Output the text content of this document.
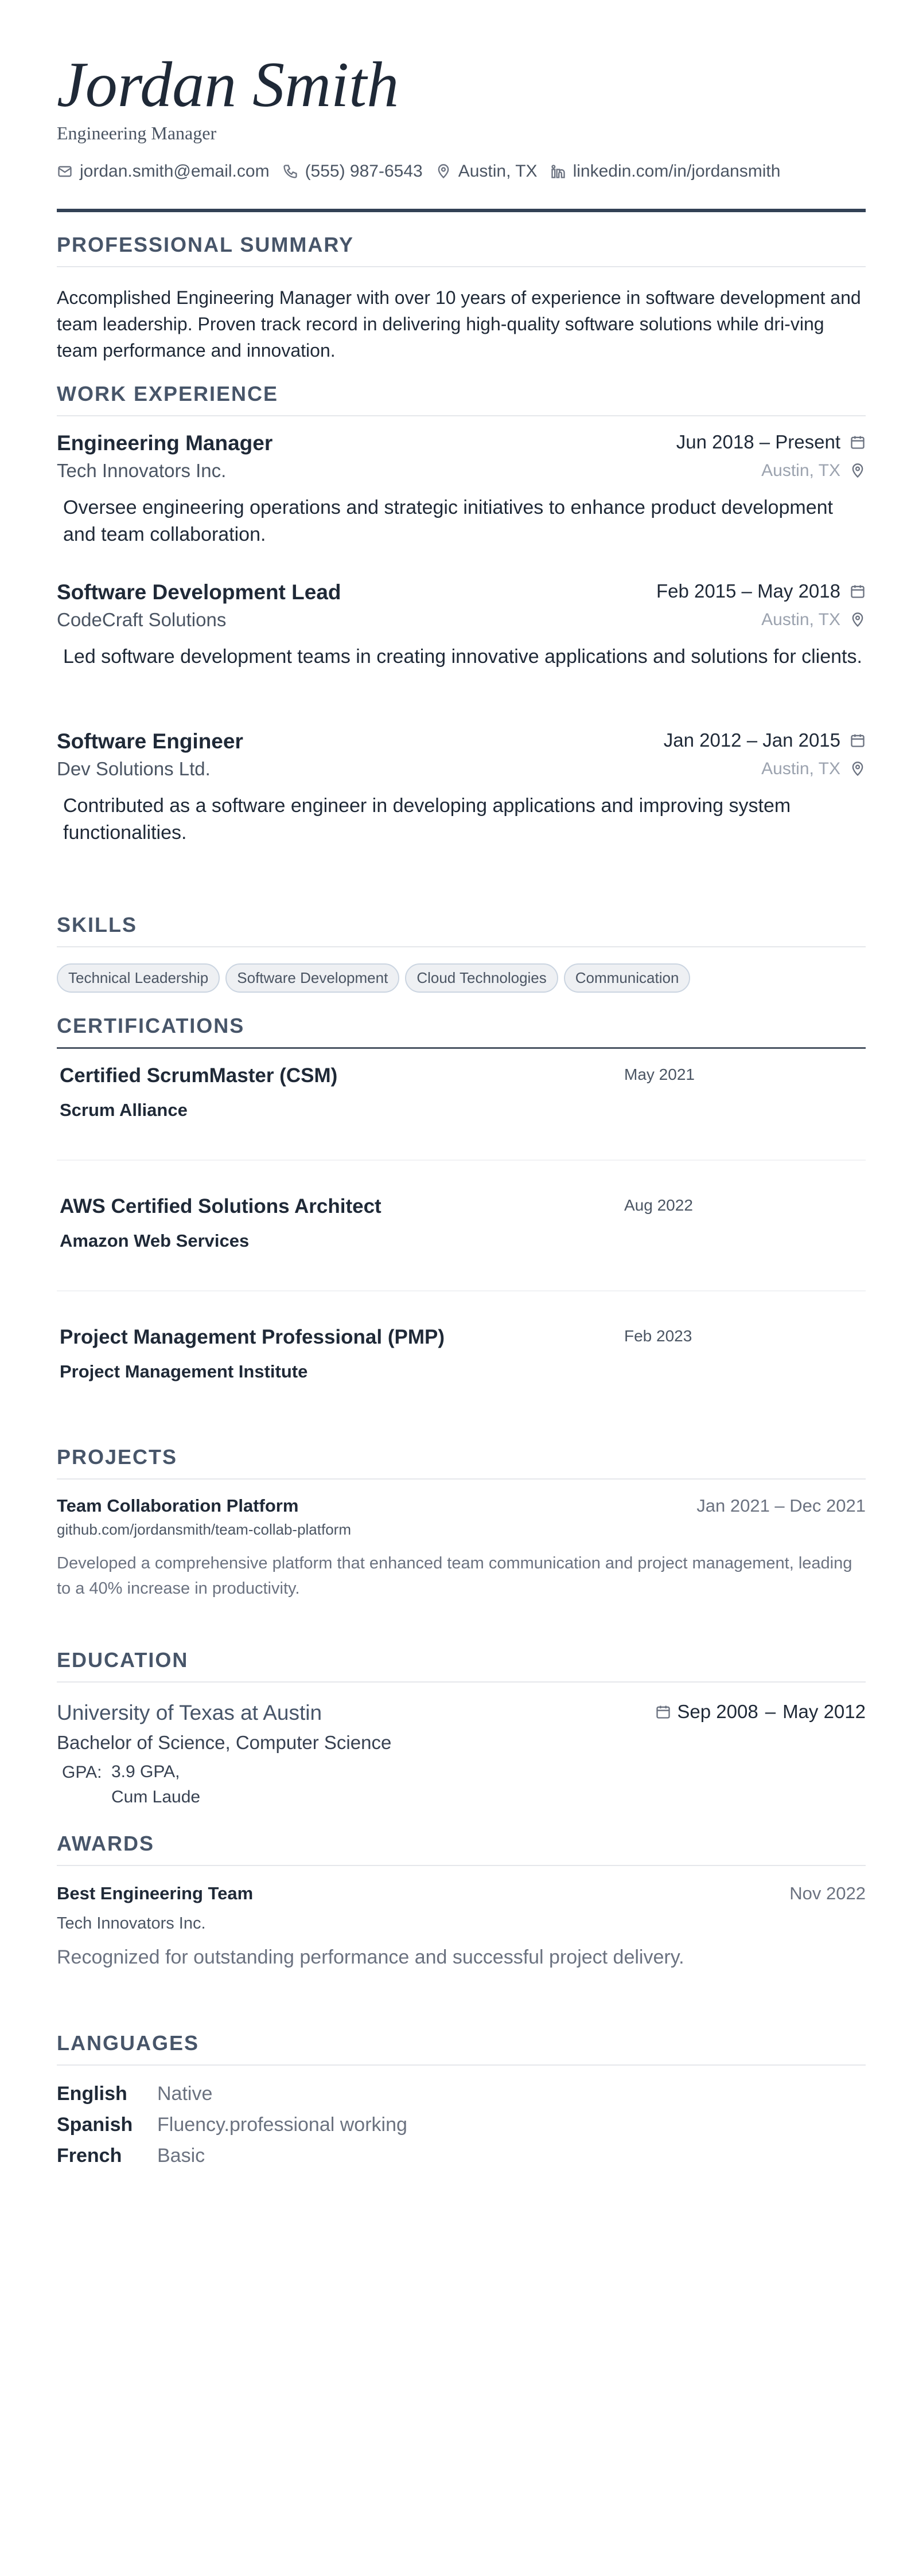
Jordan Smith
Engineering Manager
jordan.smith@email.com (555) 987-6543 Austin, TX linkedin.com/in/jordansmith
PROFESSIONAL SUMMARY
Accomplished Engineering Manager with over 10 years of experience in software development and team leadership. Proven track record in delivering high-quality software solutions while dri-ving team performance and innovation.
WORK EXPERIENCE
Engineering Manager	Jun 2018 – Present
Tech Innovators Inc.	Austin, TX
Oversee engineering operations and strategic initiatives to enhance product development and team collaboration.
Software Development Lead	Feb 2015 – May 2018
CodeCraft Solutions	Austin, TX
Led software development teams in creating innovative applications and solutions for clients.
Software Engineer	Jan 2012 – Jan 2015
Dev Solutions Ltd.	Austin, TX
Contributed as a software engineer in developing applications and improving system functionalities.
SKILLS
Technical Leadership	Software Development	Cloud Technologies	Communication
CERTIFICATIONS
Certified ScrumMaster (CSM)	May 2021
Scrum Alliance
AWS Certified Solutions Architect	Aug 2022
Amazon Web Services
Project Management Professional (PMP)	Feb 2023
Project Management Institute
PROJECTS
Team Collaboration Platform	Jan 2021 – Dec 2021
github.com/jordansmith/team-collab-platform
Developed a comprehensive platform that enhanced team communication and project management, leading to a 40% increase in productivity.
EDUCATION
University of Texas at Austin	Sep 2008 – May 2012
Bachelor of Science, Computer Science
GPA: 3.9 GPA,
Cum Laude
AWARDS
Best Engineering Team	Nov 2022
Tech Innovators Inc.
Recognized for outstanding performance and successful project delivery.
LANGUAGES
English Native
Spanish Fluency.professional working
French Basic
